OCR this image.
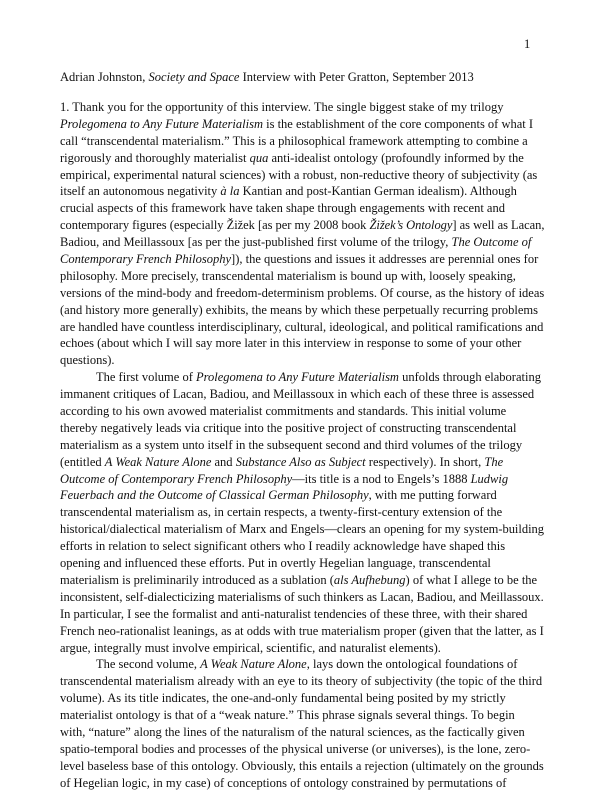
1
Adrian Johnston, Society and Space Interview with Peter Gratton, September 2013
1. Thank you for the opportunity of this interview. The single biggest stake of my trilogy
Prolegomena to Any Future Materialism is the establishment of the core components of what I
call “transcendental materialism.” This is a philosophical framework attempting to combine a
rigorously and thoroughly materialist qua anti-idealist ontology (profoundly informed by the
empirical, experimental natural sciences) with a robust, non-reductive theory of subjectivity (as
itself an autonomous negativity à la Kantian and post-Kantian German idealism). Although
crucial aspects of this framework have taken shape through engagements with recent and
contemporary figures (especially Žižek [as per my 2008 book Žižek’s Ontology] as well as Lacan,
Badiou, and Meillassoux [as per the just-published first volume of the trilogy, The Outcome of
Contemporary French Philosophy]), the questions and issues it addresses are perennial ones for
philosophy. More precisely, transcendental materialism is bound up with, loosely speaking,
versions of the mind-body and freedom-determinism problems. Of course, as the history of ideas
(and history more generally) exhibits, the means by which these perpetually recurring problems
are handled have countless interdisciplinary, cultural, ideological, and political ramifications and
echoes (about which I will say more later in this interview in response to some of your other
questions).
The first volume of Prolegomena to Any Future Materialism unfolds through elaborating
immanent critiques of Lacan, Badiou, and Meillassoux in which each of these three is assessed
according to his own avowed materialist commitments and standards. This initial volume
thereby negatively leads via critique into the positive project of constructing transcendental
materialism as a system unto itself in the subsequent second and third volumes of the trilogy
(entitled A Weak Nature Alone and Substance Also as Subject respectively). In short, The
Outcome of Contemporary French Philosophy—its title is a nod to Engels’s 1888 Ludwig
Feuerbach and the Outcome of Classical German Philosophy, with me putting forward
transcendental materialism as, in certain respects, a twenty-first-century extension of the
historical/dialectical materialism of Marx and Engels—clears an opening for my system-building
efforts in relation to select significant others who I readily acknowledge have shaped this
opening and influenced these efforts. Put in overtly Hegelian language, transcendental
materialism is preliminarily introduced as a sublation (als Aufhebung) of what I allege to be the
inconsistent, self-dialecticizing materialisms of such thinkers as Lacan, Badiou, and Meillassoux.
In particular, I see the formalist and anti-naturalist tendencies of these three, with their shared
French neo-rationalist leanings, as at odds with true materialism proper (given that the latter, as I
argue, integrally must involve empirical, scientific, and naturalist elements).
The second volume, A Weak Nature Alone, lays down the ontological foundations of
transcendental materialism already with an eye to its theory of subjectivity (the topic of the third
volume). As its title indicates, the one-and-only fundamental being posited by my strictly
materialist ontology is that of a “weak nature.” This phrase signals several things. To begin
with, “nature” along the lines of the naturalism of the natural sciences, as the factically given
spatio-temporal bodies and processes of the physical universe (or universes), is the lone, zero-
level baseless base of this ontology. Obviously, this entails a rejection (ultimately on the grounds
of Hegelian logic, in my case) of conceptions of ontology constrained by permutations of
